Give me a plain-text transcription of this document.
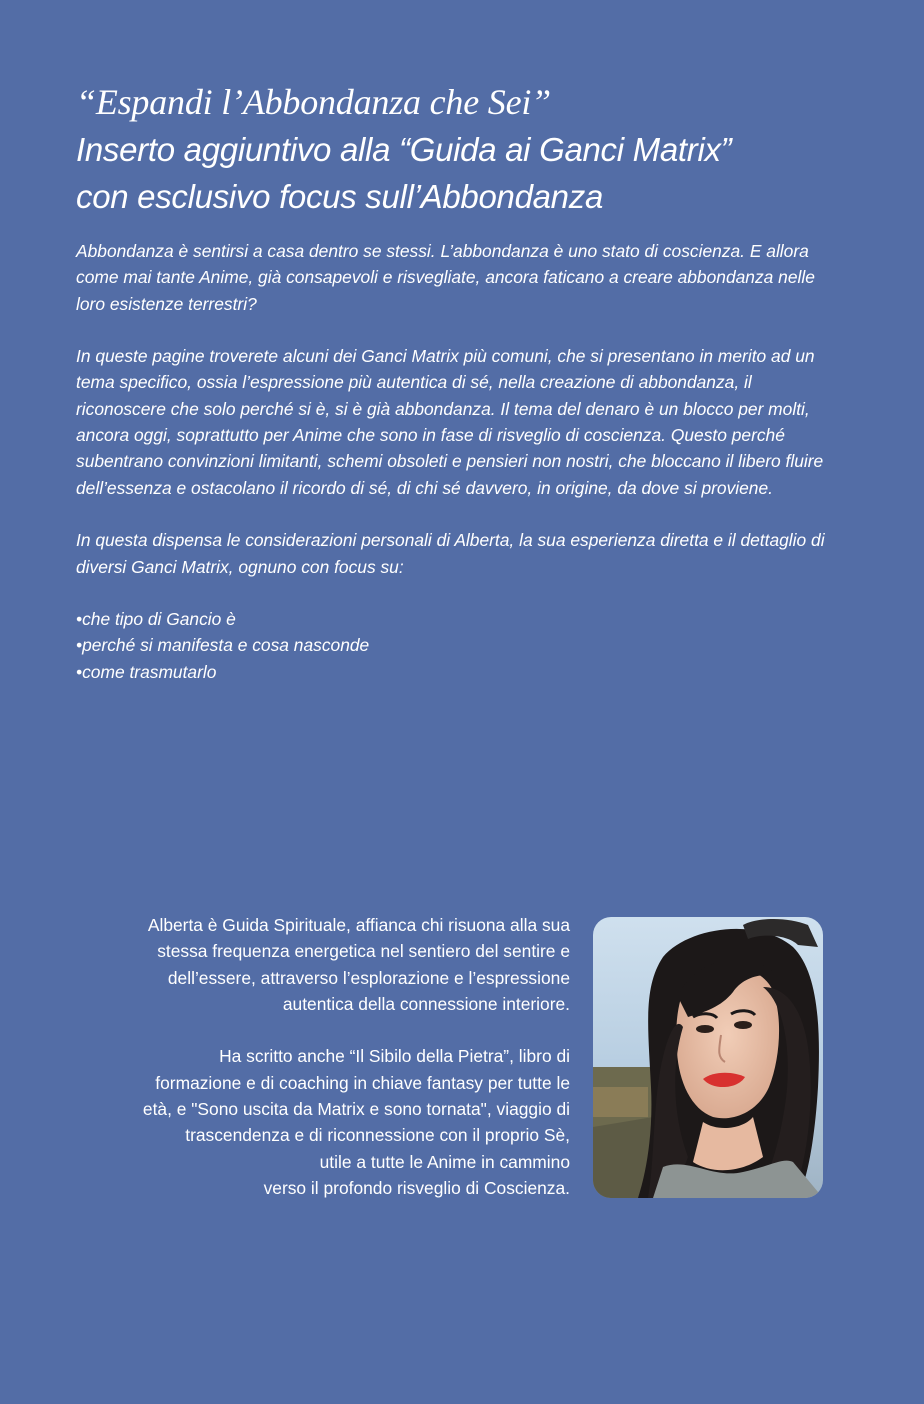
“Espandi l’Abbondanza che Sei”
Inserto aggiuntivo alla “Guida ai Ganci Matrix”
con esclusivo focus sull’Abbondanza

Abbondanza è sentirsi a casa dentro se stessi. L’abbondanza è uno stato di coscienza. E allora come mai tante Anime, già consapevoli e risvegliate, ancora faticano a creare abbondanza nelle loro esistenze terrestri?

In queste pagine troverete alcuni dei Ganci Matrix più comuni, che si presentano in merito ad un tema specifico, ossia l’espressione più autentica di sé, nella creazione di abbondanza, il riconoscere che solo perché si è, si è già abbondanza. Il tema del denaro è un blocco per molti, ancora oggi, soprattutto per Anime che sono in fase di risveglio di coscienza. Questo perché subentrano convinzioni limitanti, schemi obsoleti e pensieri non nostri, che bloccano il libero fluire dell’essenza e ostacolano il ricordo di sé, di chi sé davvero, in origine, da dove si proviene.

In questa dispensa le considerazioni personali di Alberta, la sua esperienza diretta e il dettaglio di diversi Ganci Matrix, ognuno con focus su:

• che tipo di Gancio è
• perché si manifesta e cosa nasconde
• come trasmutarlo

Alberta è Guida Spirituale, affianca chi risuona alla sua
stessa frequenza energetica nel sentiero del sentire e
dell’essere, attraverso l’esplorazione e l’espressione
autentica della connessione interiore.

Ha scritto anche “Il Sibilo della Pietra”, libro di
formazione e di coaching in chiave fantasy per tutte le
età, e "Sono uscita da Matrix e sono tornata", viaggio di
trascendenza e di riconnessione con il proprio Sè,
utile a tutte le Anime in cammino
verso il profondo risveglio di Coscienza.
